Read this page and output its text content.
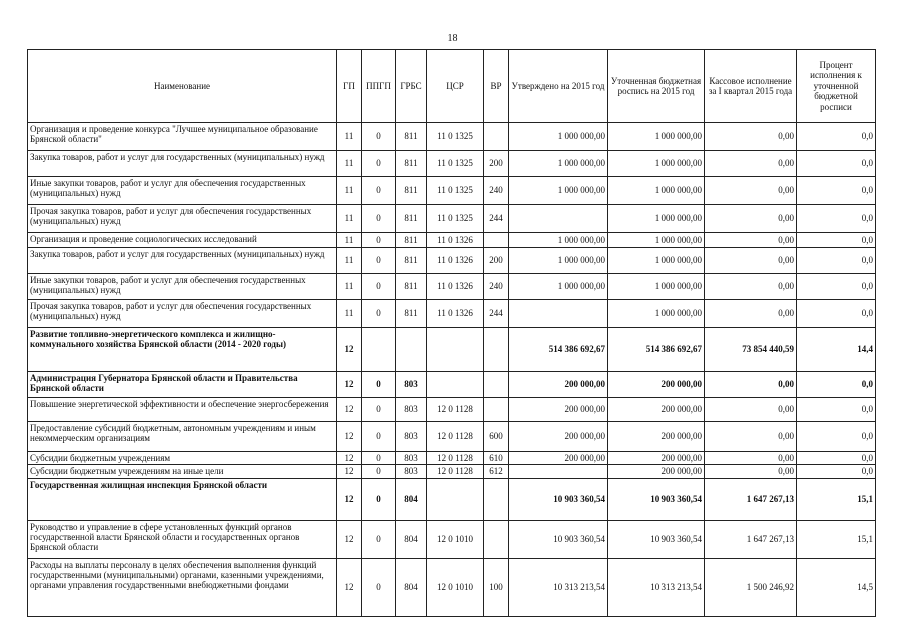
18
Наименование	ГП	ППГП	ГРБС	ЦСР	ВР	Утверждено на 2015 год	Уточненная бюджетная роспись на 2015 год	Кассовое исполнение за I квартал 2015 года	Процент исполнения к уточненной бюджетной росписи
Организация и проведение конкурса "Лучшее муниципальное образование Брянской области"	11	0	811	11 0 1325		1 000 000,00	1 000 000,00	0,00	0,0
Закупка товаров, работ и услуг для государственных (муниципальных) нужд	11	0	811	11 0 1325	200	1 000 000,00	1 000 000,00	0,00	0,0
Иные закупки товаров, работ и услуг для обеспечения государственных (муниципальных) нужд	11	0	811	11 0 1325	240	1 000 000,00	1 000 000,00	0,00	0,0
Прочая закупка товаров, работ и услуг для обеспечения государственных (муниципальных) нужд	11	0	811	11 0 1325	244		1 000 000,00	0,00	0,0
Организация и проведение социологических исследований	11	0	811	11 0 1326		1 000 000,00	1 000 000,00	0,00	0,0
Закупка товаров, работ и услуг для государственных (муниципальных) нужд	11	0	811	11 0 1326	200	1 000 000,00	1 000 000,00	0,00	0,0
Иные закупки товаров, работ и услуг для обеспечения государственных (муниципальных) нужд	11	0	811	11 0 1326	240	1 000 000,00	1 000 000,00	0,00	0,0
Прочая закупка товаров, работ и услуг для обеспечения государственных (муниципальных) нужд	11	0	811	11 0 1326	244		1 000 000,00	0,00	0,0
Развитие топливно-энергетического комплекса и жилищно-коммунального хозяйства Брянской области (2014 - 2020 годы)	12					514 386 692,67	514 386 692,67	73 854 440,59	14,4
Администрация Губернатора Брянской области и Правительства Брянской области	12	0	803			200 000,00	200 000,00	0,00	0,0
Повышение энергетической эффективности и обеспечение энергосбережения	12	0	803	12 0 1128		200 000,00	200 000,00	0,00	0,0
Предоставление субсидий бюджетным, автономным учреждениям и иным некоммерческим организациям	12	0	803	12 0 1128	600	200 000,00	200 000,00	0,00	0,0
Субсидии бюджетным учреждениям	12	0	803	12 0 1128	610	200 000,00	200 000,00	0,00	0,0
Субсидии бюджетным учреждениям на иные цели	12	0	803	12 0 1128	612		200 000,00	0,00	0,0
Государственная жилищная инспекция Брянской области	12	0	804			10 903 360,54	10 903 360,54	1 647 267,13	15,1
Руководство и управление в сфере установленных функций органов государственной власти Брянской области и государственных органов Брянской области	12	0	804	12 0 1010		10 903 360,54	10 903 360,54	1 647 267,13	15,1
Расходы на выплаты персоналу в целях обеспечения выполнения функций государственными (муниципальными) органами, казенными учреждениями, органами управления государственными внебюджетными фондами	12	0	804	12 0 1010	100	10 313 213,54	10 313 213,54	1 500 246,92	14,5
